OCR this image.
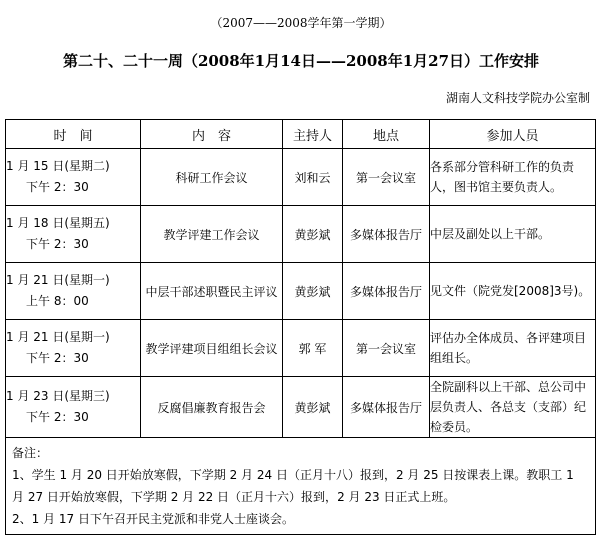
（2007——2008学年第一学期）
第二十、二十一周（2008年1月14日——2008年1月27日）工作安排
湖南人文科技学院办公室制
时　间	内　容	主持人	地点	参加人员

1 月 15 日(星期二)
下午 2：30	科研工作会议	刘和云	第一会议室	各系部分管科研工作的负责人，图书馆主要负责人。

1 月 18 日(星期五)
下午 2：30	教学评建工作会议	黄彭斌	多媒体报告厅	中层及副处以上干部。

1 月 21 日(星期一)
上午 8：00	中层干部述职暨民主评议	黄彭斌	多媒体报告厅	见文件（院党发[2008]3号)。

1 月 21 日(星期一)
下午 2：30	教学评建项目组组长会议	郭 军	第一会议室	评估办全体成员、各评建项目组组长。

1 月 23 日(星期三)
下午 2：30	反腐倡廉教育报告会	黄彭斌	多媒体报告厅	全院副科以上干部、总公司中层负责人、各总支（支部）纪检委员。

备注：
1、学生 1 月 20 日开始放寒假，下学期 2 月 24 日（正月十八）报到，2 月 25 日按课表上课。教职工 1 月 27 日开始放寒假，下学期 2 月 22 日（正月十六）报到，2 月 23 日正式上班。
2、1 月 17 日下午召开民主党派和非党人士座谈会。				
